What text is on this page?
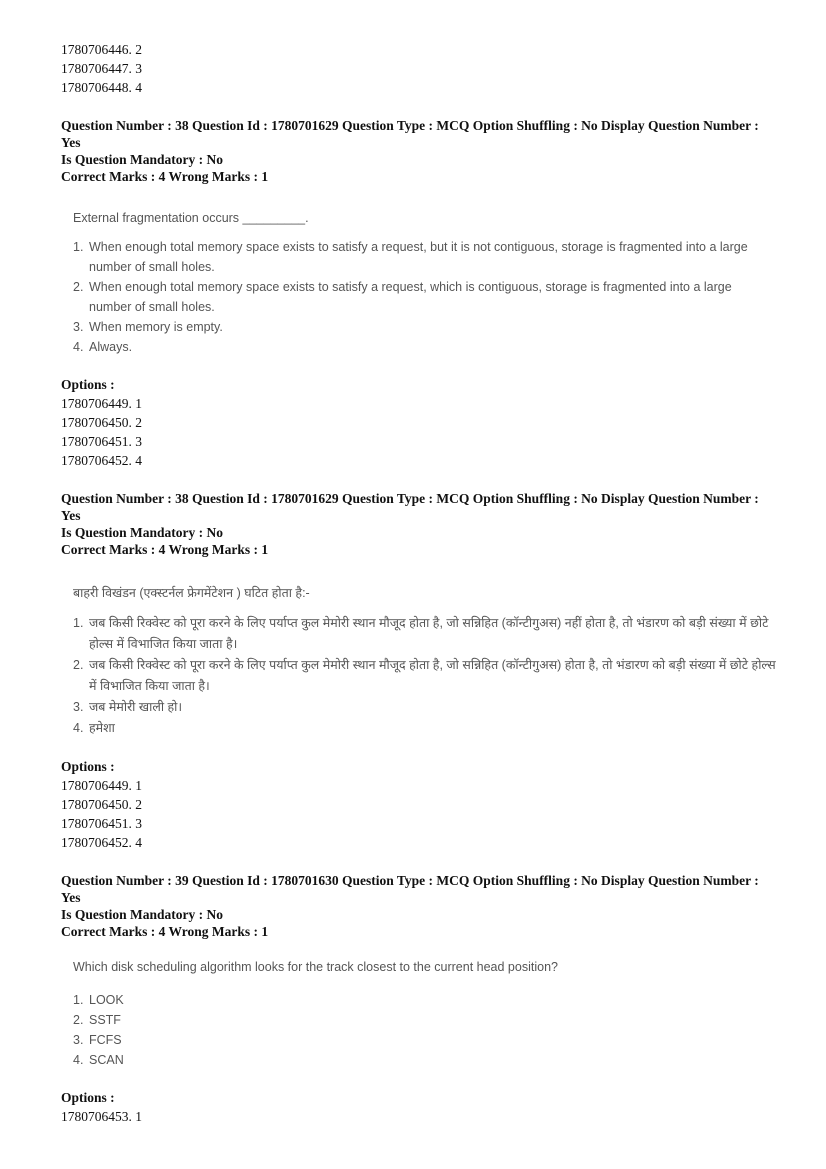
1780706446. 2
1780706447. 3
1780706448. 4
Question Number : 38 Question Id : 1780701629 Question Type : MCQ Option Shuffling : No Display Question Number : Yes
Is Question Mandatory : No
Correct Marks : 4 Wrong Marks : 1
External fragmentation occurs _________.
1. When enough total memory space exists to satisfy a request, but it is not contiguous, storage is fragmented into a large number of small holes.
2. When enough total memory space exists to satisfy a request, which is contiguous, storage is fragmented into a large number of small holes.
3. When memory is empty.
4. Always.
Options :
1780706449. 1
1780706450. 2
1780706451. 3
1780706452. 4
Question Number : 38 Question Id : 1780701629 Question Type : MCQ Option Shuffling : No Display Question Number : Yes
Is Question Mandatory : No
Correct Marks : 4 Wrong Marks : 1
बाहरी विखंडन (एक्स्टर्नल फ्रेगमेंटेशन ) घटित होता है:-
1. जब किसी रिक्वेस्ट को पूरा करने के लिए पर्याप्त कुल मेमोरी स्थान मौजूद होता है, जो सन्निहित (कॉन्टीगुअस) नहीं होता है, तो भंडारण को बड़ी संख्या में छोटे होल्स में विभाजित किया जाता है।
2. जब किसी रिक्वेस्ट को पूरा करने के लिए पर्याप्त कुल मेमोरी स्थान मौजूद होता है, जो सन्निहित (कॉन्टीगुअस) होता है, तो भंडारण को बड़ी संख्या में छोटे होल्स में विभाजित किया जाता है।
3. जब मेमोरी खाली हो।
4. हमेशा
Options :
1780706449. 1
1780706450. 2
1780706451. 3
1780706452. 4
Question Number : 39 Question Id : 1780701630 Question Type : MCQ Option Shuffling : No Display Question Number : Yes
Is Question Mandatory : No
Correct Marks : 4 Wrong Marks : 1
Which disk scheduling algorithm looks for the track closest to the current head position?
1. LOOK
2. SSTF
3. FCFS
4. SCAN
Options :
1780706453. 1
